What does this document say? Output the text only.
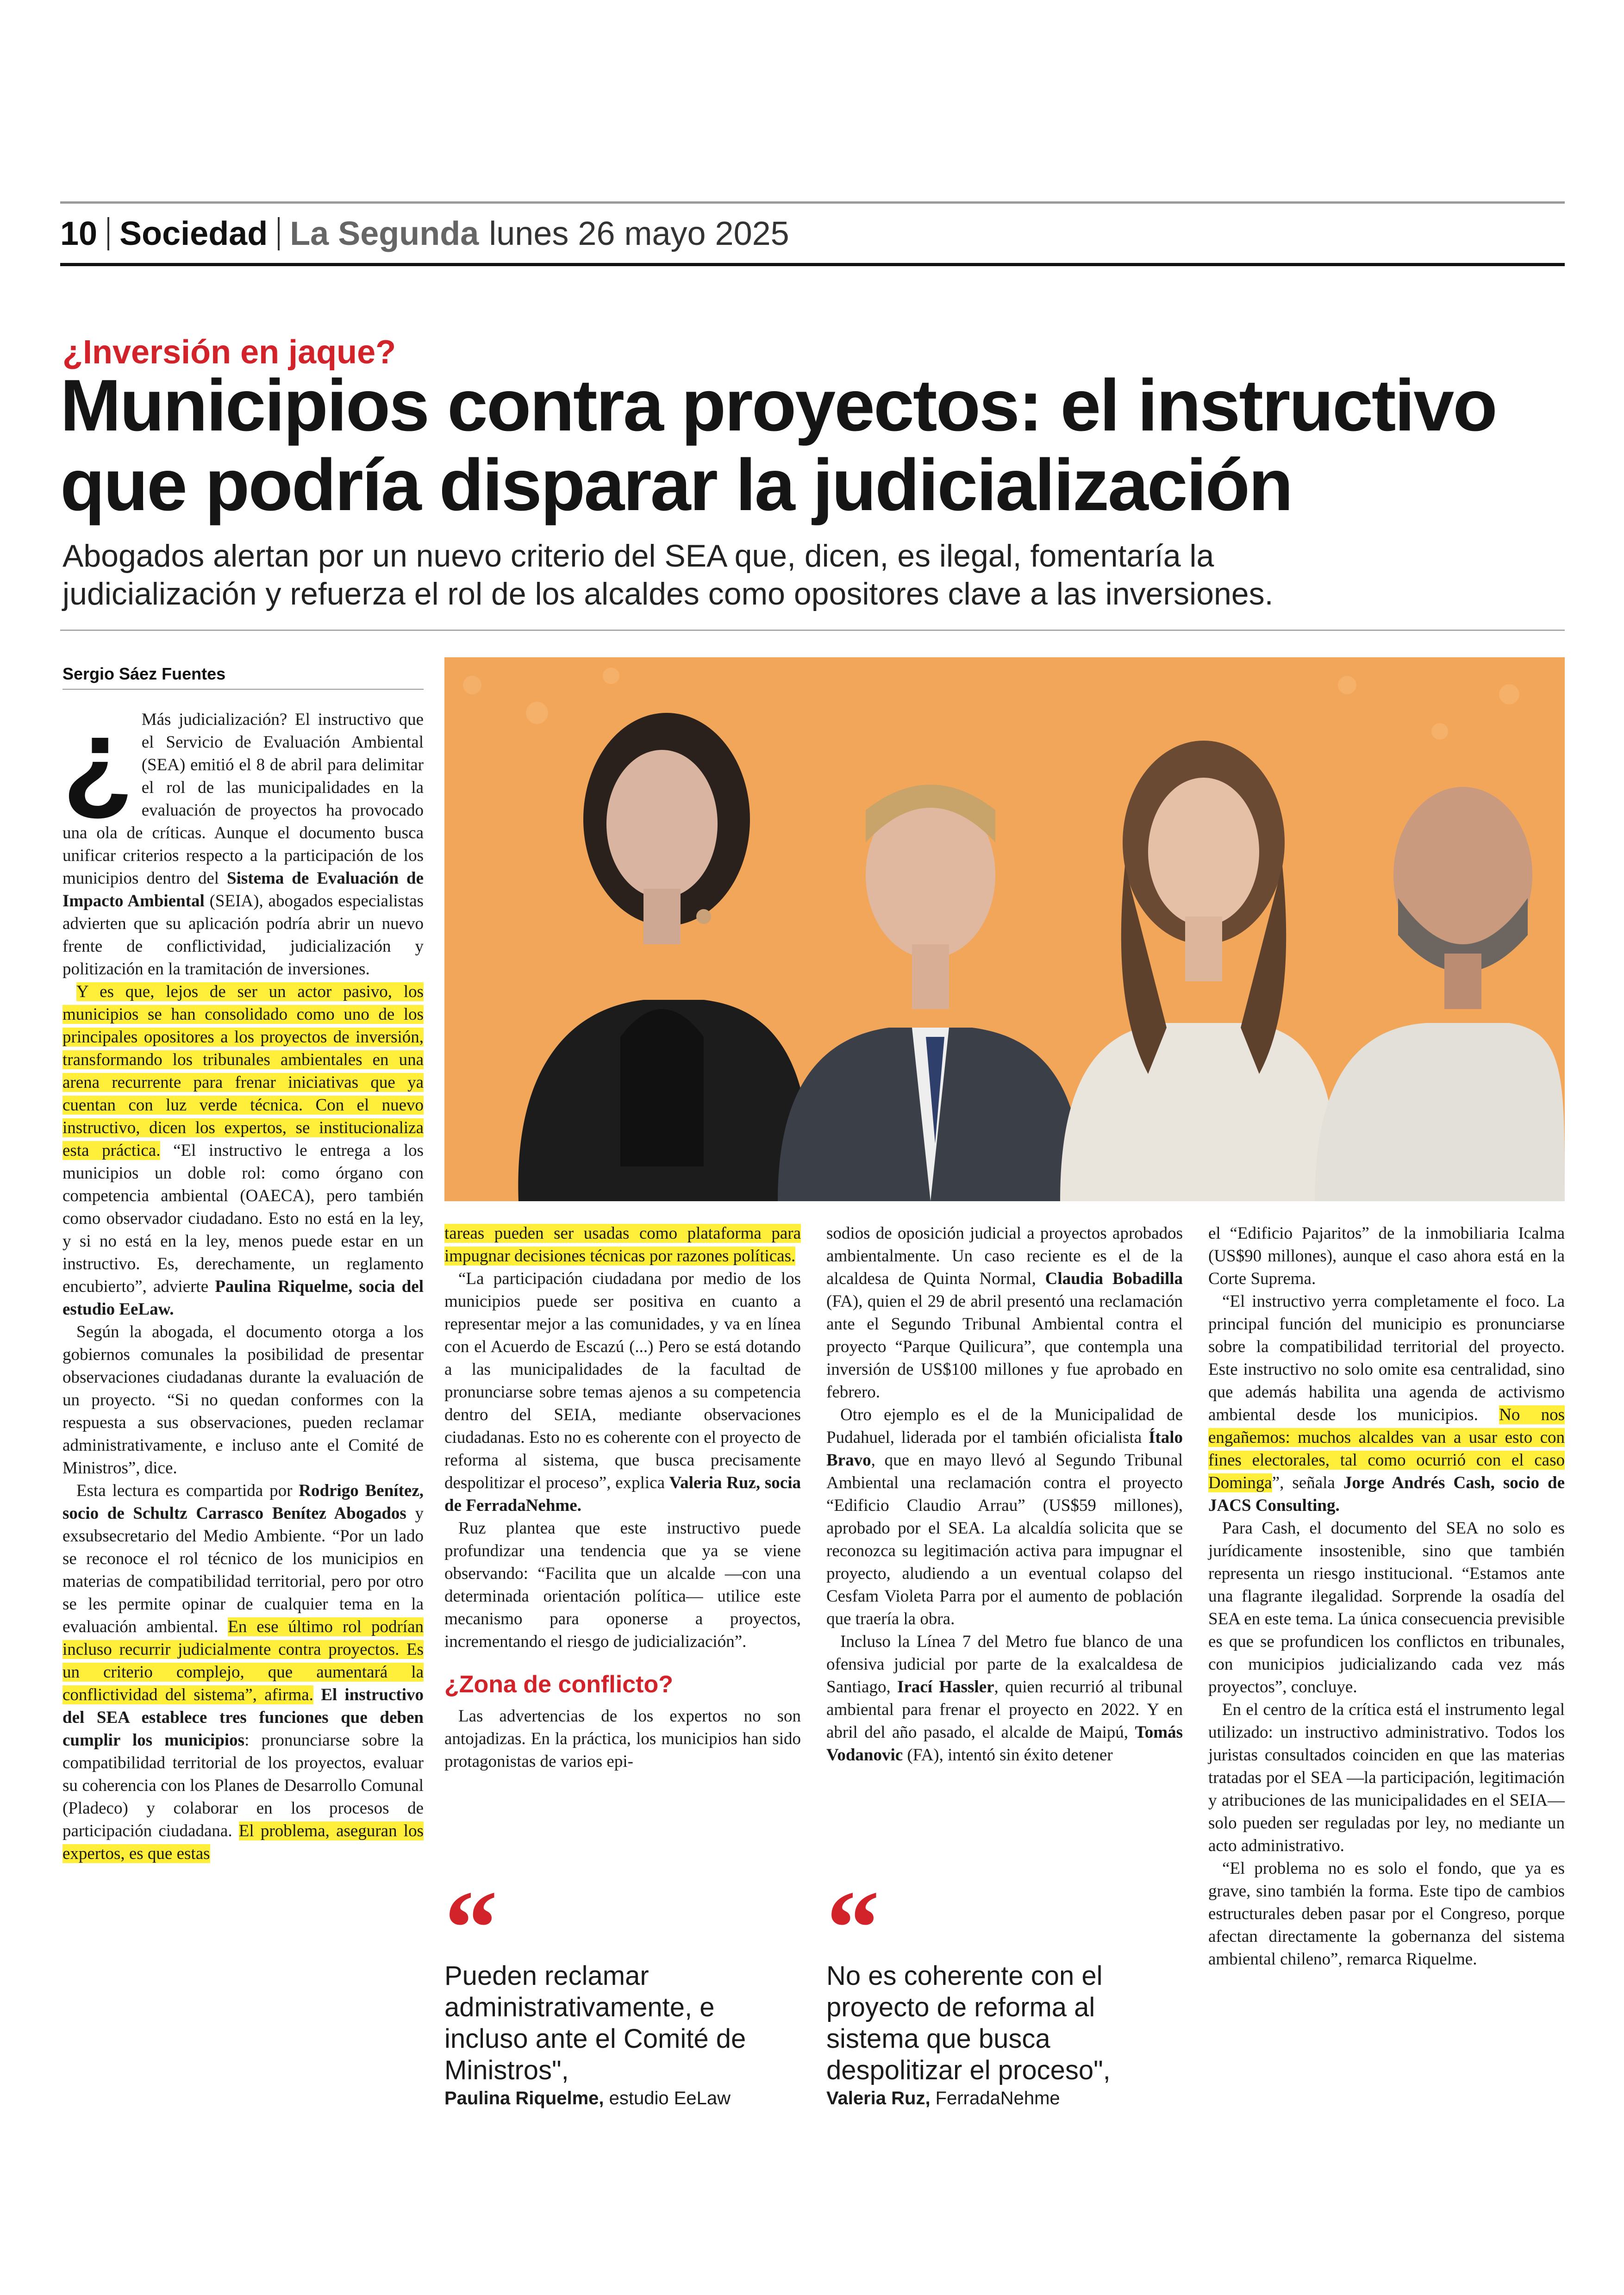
10 Sociedad La Segunda lunes 26 mayo 2025
¿Inversión en jaque?
Municipios contra proyectos: el instructivo
que podría disparar la judicialización

Abogados alertan por un nuevo criterio del SEA que, dicen, es ilegal, fomentaría la
judicialización y refuerza el rol de los alcaldes como opositores clave a las inversiones.

Sergio Sáez Fuentes
¿ Más judicialización? El instructivo que el Servicio de Evaluación Ambiental (SEA) emitió el 8 de abril para delimitar el rol de las municipalidades en la evaluación de proyectos ha provocado una ola de críticas. Aunque el documento busca unificar criterios respecto a la participación de los municipios dentro del Sistema de Evaluación de Impacto Ambiental (SEIA), abogados especialistas advierten que su aplicación podría abrir un nuevo frente de conflictividad, judicialización y politización en la tramitación de inversiones.

Y es que, lejos de ser un actor pasivo, los municipios se han consolidado como uno de los principales opositores a los proyectos de inversión, transformando los tribunales ambientales en una arena recurrente para frenar iniciativas que ya cuentan con luz verde técnica. Con el nuevo instructivo, dicen los expertos, se institucionaliza esta práctica. “El instructivo le entrega a los municipios un doble rol: como órgano con competencia ambiental (OAECA), pero también como observador ciudadano. Esto no está en la ley, y si no está en la ley, menos puede estar en un instructivo. Es, derechamente, un reglamento encubierto”, advierte Paulina Riquelme, socia del estudio EeLaw.

Según la abogada, el documento otorga a los gobiernos comunales la posibilidad de presentar observaciones ciudadanas durante la evaluación de un proyecto. “Si no quedan conformes con la respuesta a sus observaciones, pueden reclamar administrativamente, e incluso ante el Comité de Ministros”, dice.

Esta lectura es compartida por Rodrigo Benítez, socio de Schultz Carrasco Benítez Abogados y exsubsecretario del Medio Ambiente. “Por un lado se reconoce el rol técnico de los municipios en materias de compatibilidad territorial, pero por otro se les permite opinar de cualquier tema en la evaluación ambiental. En ese último rol podrían incluso recurrir judicialmente contra proyectos. Es un criterio complejo, que aumentará la conflictividad del sistema”, afirma. El instructivo del SEA establece tres funciones que deben cumplir los municipios: pronunciarse sobre la compatibilidad territorial de los proyectos, evaluar su coherencia con los Planes de Desarrollo Comunal (Pladeco) y colaborar en los procesos de participación ciudadana. El problema, aseguran los expertos, es que estas

tareas pueden ser usadas como plataforma para impugnar decisiones técnicas por razones políticas.

“La participación ciudadana por medio de los municipios puede ser positiva en cuanto a representar mejor a las comunidades, y va en línea con el Acuerdo de Escazú (...) Pero se está dotando a las municipalidades de la facultad de pronunciarse sobre temas ajenos a su competencia dentro del SEIA, mediante observaciones ciudadanas. Esto no es coherente con el proyecto de reforma al sistema, que busca precisamente despolitizar el proceso”, explica Valeria Ruz, socia de FerradaNehme.

Ruz plantea que este instructivo puede profundizar una tendencia que ya se viene observando: “Facilita que un alcalde —con una determinada orientación política— utilice este mecanismo para oponerse a proyectos, incrementando el riesgo de judicialización”.

¿Zona de conflicto?

Las advertencias de los expertos no son antojadizas. En la práctica, los municipios han sido protagonistas de varios epi-

sodios de oposición judicial a proyectos aprobados ambientalmente. Un caso reciente es el de la alcaldesa de Quinta Normal, Claudia Bobadilla (FA), quien el 29 de abril presentó una reclamación ante el Segundo Tribunal Ambiental contra el proyecto “Parque Quilicura”, que contempla una inversión de US$100 millones y fue aprobado en febrero.

Otro ejemplo es el de la Municipalidad de Pudahuel, liderada por el también oficialista Ítalo Bravo, que en mayo llevó al Segundo Tribunal Ambiental una reclamación contra el proyecto “Edificio Claudio Arrau” (US$59 millones), aprobado por el SEA. La alcaldía solicita que se reconozca su legitimación activa para impugnar el proyecto, aludiendo a un eventual colapso del Cesfam Violeta Parra por el aumento de población que traería la obra.

Incluso la Línea 7 del Metro fue blanco de una ofensiva judicial por parte de la exalcaldesa de Santiago, Irací Hassler, quien recurrió al tribunal ambiental para frenar el proyecto en 2022. Y en abril del año pasado, el alcalde de Maipú, Tomás Vodanovic (FA), intentó sin éxito detener

el “Edificio Pajaritos” de la inmobiliaria Icalma (US$90 millones), aunque el caso ahora está en la Corte Suprema.

“El instructivo yerra completamente el foco. La principal función del municipio es pronunciarse sobre la compatibilidad territorial del proyecto. Este instructivo no solo omite esa centralidad, sino que además habilita una agenda de activismo ambiental desde los municipios. No nos engañemos: muchos alcaldes van a usar esto con fines electorales, tal como ocurrió con el caso Dominga”, señala Jorge Andrés Cash, socio de JACS Consulting.

Para Cash, el documento del SEA no solo es jurídicamente insostenible, sino que también representa un riesgo institucional. “Estamos ante una flagrante ilegalidad. Sorprende la osadía del SEA en este tema. La única consecuencia previsible es que se profundicen los conflictos en tribunales, con municipios judicializando cada vez más proyectos”, concluye.

En el centro de la crítica está el instrumento legal utilizado: un instructivo administrativo. Todos los juristas consultados coinciden en que las materias tratadas por el SEA —la participación, legitimación y atribuciones de las municipalidades en el SEIA— solo pueden ser reguladas por ley, no mediante un acto administrativo.

“El problema no es solo el fondo, que ya es grave, sino también la forma. Este tipo de cambios estructurales deben pasar por el Congreso, porque afectan directamente la gobernanza del sistema ambiental chileno”, remarca Riquelme.

“
Pueden reclamar administrativamente, e incluso ante el Comité de Ministros",
Paulina Riquelme, estudio EeLaw
“
No es coherente con el proyecto de reforma al sistema que busca despolitizar el proceso",
Valeria Ruz, FerradaNehme
